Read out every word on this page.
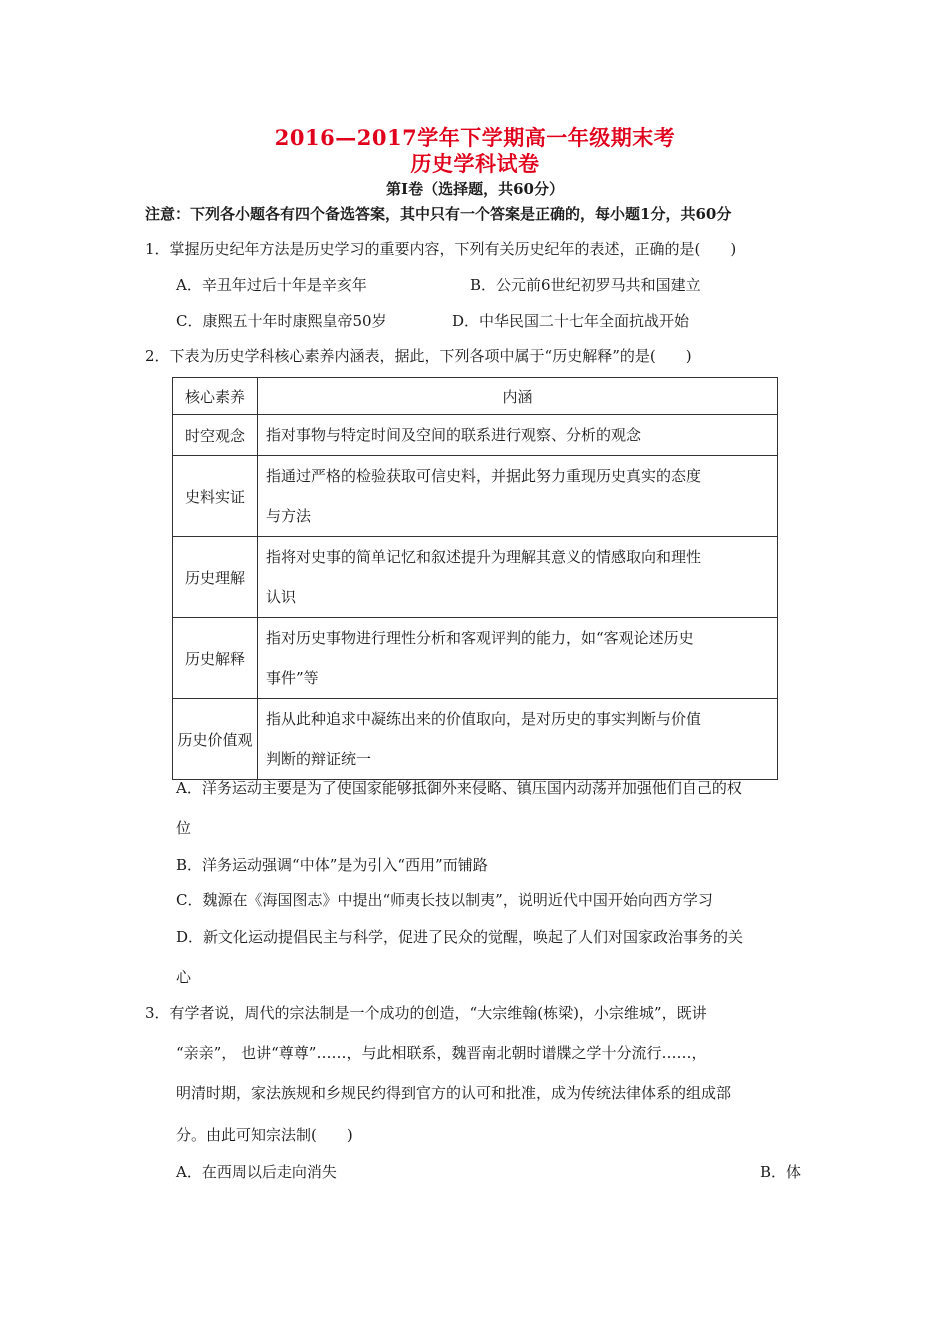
2016—2017学年下学期高一年级期末考
历史学科试卷
第Ⅰ卷（选择题，共60分）
注意：下列各小题各有四个备选答案，其中只有一个答案是正确的，每小题1分，共60分
1．掌握历史纪年方法是历史学习的重要内容，下列有关历史纪年的表述，正确的是(　　)
A．辛丑年过后十年是辛亥年	B．公元前6世纪初罗马共和国建立
C．康熙五十年时康熙皇帝50岁	D．中华民国二十七年全面抗战开始
2．下表为历史学科核心素养内涵表，据此，下列各项中属于“历史解释”的是(　　)
核心素养	内涵
时空观念	指对事物与特定时间及空间的联系进行观察、分析的观念
史料实证	指通过严格的检验获取可信史料，并据此努力重现历史真实的态度
与方法
历史理解	指将对史事的简单记忆和叙述提升为理解其意义的情感取向和理性
认识
历史解释	指对历史事物进行理性分析和客观评判的能力，如“客观论述历史
事件”等
历史价值观	指从此种追求中凝练出来的价值取向，是对历史的事实判断与价值
判断的辩证统一
A．洋务运动主要是为了使国家能够抵御外来侵略、镇压国内动荡并加强他们自己的权
位
B．洋务运动强调“中体”是为引入“西用”而铺路
C．魏源在《海国图志》中提出“师夷长技以制夷”，说明近代中国开始向西方学习
D．新文化运动提倡民主与科学，促进了民众的觉醒，唤起了人们对国家政治事务的关
心
3．有学者说，周代的宗法制是一个成功的创造，“大宗维翰(栋梁)，小宗维城”，既讲
“亲亲”， 也讲“尊尊”……，与此相联系，魏晋南北朝时谱牒之学十分流行……，
明清时期，家法族规和乡规民约得到官方的认可和批准，成为传统法律体系的组成部
分。由此可知宗法制(　　)
A．在西周以后走向消失	B．体
